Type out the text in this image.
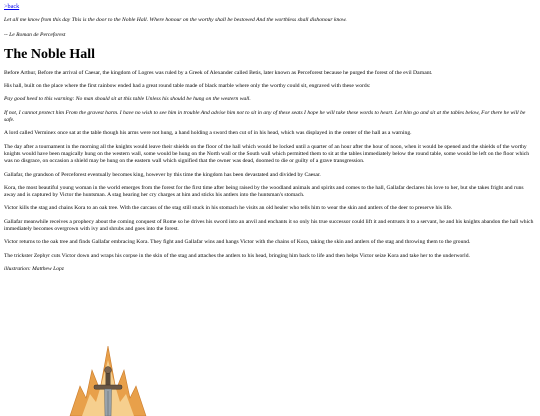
>back

Let all me know from this day This is the door to the Noble Hall. Where honour on the worthy shall be bestowed And the worthless shall dishonour know.

-- Le Roman de Perceforest

The Noble Hall

Before Arthur, Before the arrival of Caesar, the kingdom of Logres was ruled by a Greek of Alexander called Betis, later known as Perceforest because he purged the forest of the evil Darnant.

His hall, built on the place where the first rainbow ended had a great round table made of black marble where only the worthy could sit, engraved with these words:

Pay good heed to this warning: No man should sit at this table Unless his should be hung on the western wall.

If not, I cannot protect him From the gravest harm. I have no wish to see him in trouble And advise him not to sit in any of these seats I hope he will take these words to heart. Let him go and sit at the tables below, For there he will be safe.

A lord called Verminex once sat at the table though his arms were not hung, a hand holding a sword then cut of in his head, which was displayed in the center of the hall as a warning.

The day after a tournament in the morning all the knights would leave their shields on the floor of the hall which would be locked until a quarter of an hour after the hour of noon, when it would be opened and the shields of the worthy knights would have been magically hung on the western wall, some would be hung on the North wall or the South wall which permitted them to sit at the tables immediately below the round table, some would be left on the floor which was no disgrace, on occasion a shield may be hung on the eastern wall which signified that the owner was dead, doomed to die or guilty of a grave transgression.

Gallafar, the grandson of Perceforest eventually becomes king, however by this time the kingdom has been devastated and divided by Caesar.

Kora, the most beautiful young woman in the world emerges from the forest for the first time after being raised by the woodland animals and spirits and comes to the hall, Gallafar declares his love to her, but she takes fright and runs away and is captured by Victor the huntsman. A stag hearing her cry charges at him and sticks his antlers into the huntsman's stomach.

Victor kills the stag and chains Kora to an oak tree. With the carcass of the stag still stuck in his stomach he visits an old healer who tells him to wear the skin and antlers of the deer to preserve his life.

Gallafar meanwhile receives a prophecy about the coming conquest of Rome so he drives his sword into an anvil and enchants it so only his true successor could lift it and entrusts it to a servant, he and his knights abandon the hall which immediately becomes overgrown with ivy and shrubs and goes into the forest.

Victor returns to the oak tree and finds Gallafar embracing Kora. They fight and Gallafar wins and hangs Victor with the chains of Kora, taking the skin and antlers of the stag and throwing them to the ground.

The trickster Zephyr cuts Victor down and wraps his corpse in the skin of the stag and attaches the antlers to his head, bringing him back to life and then helps Victor seize Kora and take her to the underworld.

illustration: Matthew Lopz
